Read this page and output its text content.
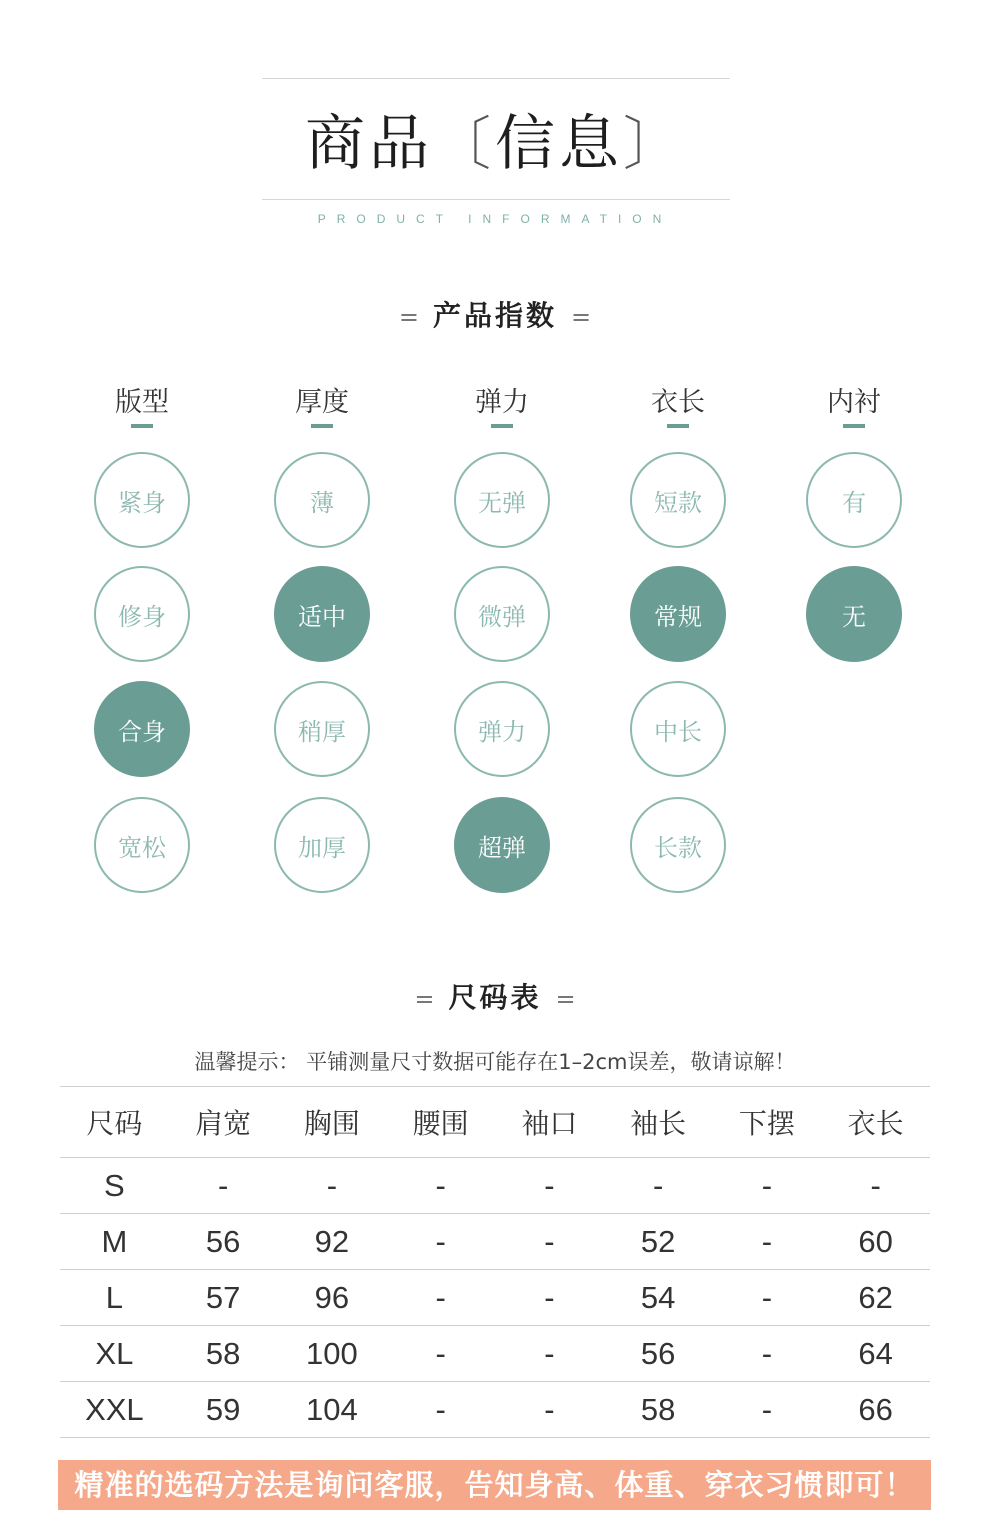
商品〔信息〕
PRODUCT INFORMATION
= 产品指数 =
版型
紧身
修身
合身
宽松
厚度
薄
适中
稍厚
加厚
弹力
无弹
微弹
弹力
超弹
衣长
短款
常规
中长
长款
内衬
有
无
= 尺码表 =
温馨提示： 平铺测量尺寸数据可能存在1–2cm误差，敬请谅解！
尺码	肩宽	胸围	腰围	袖口	袖长	下摆	衣长
S	-	-	-	-	-	-	-
M	56	92	-	-	52	-	60
L	57	96	-	-	54	-	62
XL	58	100	-	-	56	-	64
XXL	59	104	-	-	58	-	66
精准的选码方法是询问客服，告知身高、体重、穿衣习惯即可！
